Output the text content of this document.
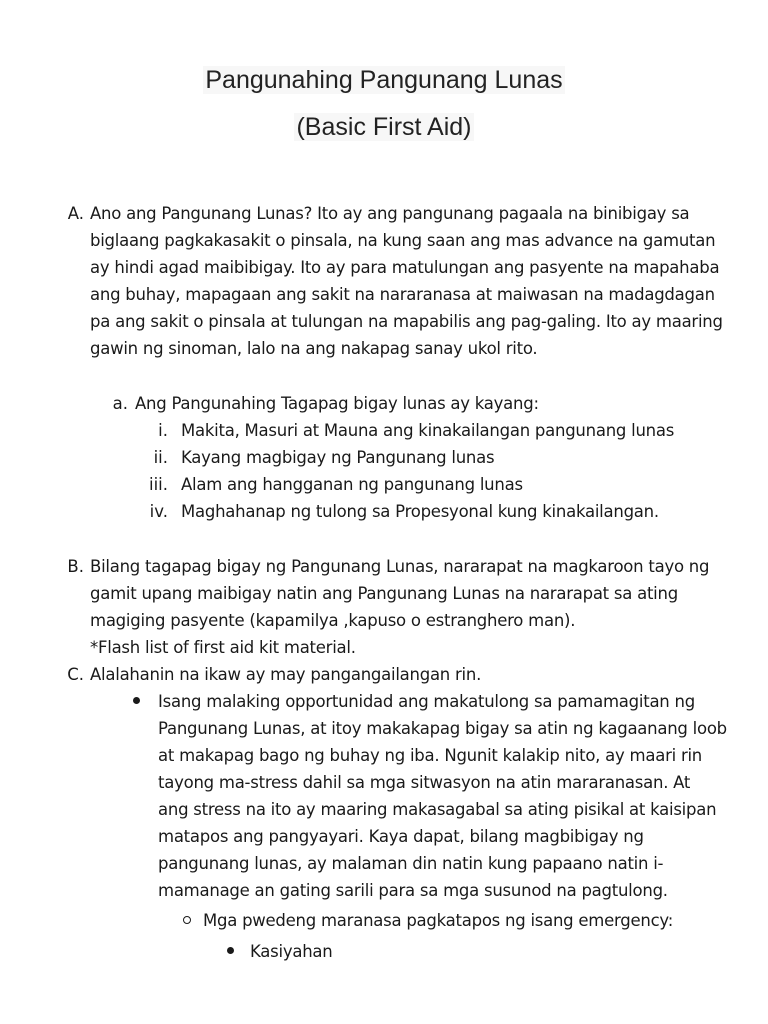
Pangunahing Pangunang Lunas
(Basic First Aid)
A. Ano ang Pangunang Lunas? Ito ay ang pangunang pagaala na binibigay sa
biglaang pagkakasakit o pinsala, na kung saan ang mas advance na gamutan
ay hindi agad maibibigay. Ito ay para matulungan ang pasyente na mapahaba
ang buhay, mapagaan ang sakit na nararanasa at maiwasan na madagdagan
pa ang sakit o pinsala at tulungan na mapabilis ang pag-galing. Ito ay maaring
gawin ng sinoman, lalo na ang nakapag sanay ukol rito.
a. Ang Pangunahing Tagapag bigay lunas ay kayang:
i. Makita, Masuri at Mauna ang kinakailangan pangunang lunas
ii. Kayang magbigay ng Pangunang lunas
iii. Alam ang hangganan ng pangunang lunas
iv. Maghahanap ng tulong sa Propesyonal kung kinakailangan.
B. Bilang tagapag bigay ng Pangunang Lunas, nararapat na magkaroon tayo ng
gamit upang maibigay natin ang Pangunang Lunas na nararapat sa ating
magiging pasyente (kapamilya ,kapuso o estranghero man).
*Flash list of first aid kit material.
C. Alalahanin na ikaw ay may pangangailangan rin.
Isang malaking opportunidad ang makatulong sa pamamagitan ng
Pangunang Lunas, at itoy makakapag bigay sa atin ng kagaanang loob
at makapag bago ng buhay ng iba. Ngunit kalakip nito, ay maari rin
tayong ma-stress dahil sa mga sitwasyon na atin mararanasan. At
ang stress na ito ay maaring makasagabal sa ating pisikal at kaisipan
matapos ang pangyayari. Kaya dapat, bilang magbibigay ng
pangunang lunas, ay malaman din natin kung papaano natin i-
mamanage an gating sarili para sa mga susunod na pagtulong.
Mga pwedeng maranasa pagkatapos ng isang emergency:
Kasiyahan
